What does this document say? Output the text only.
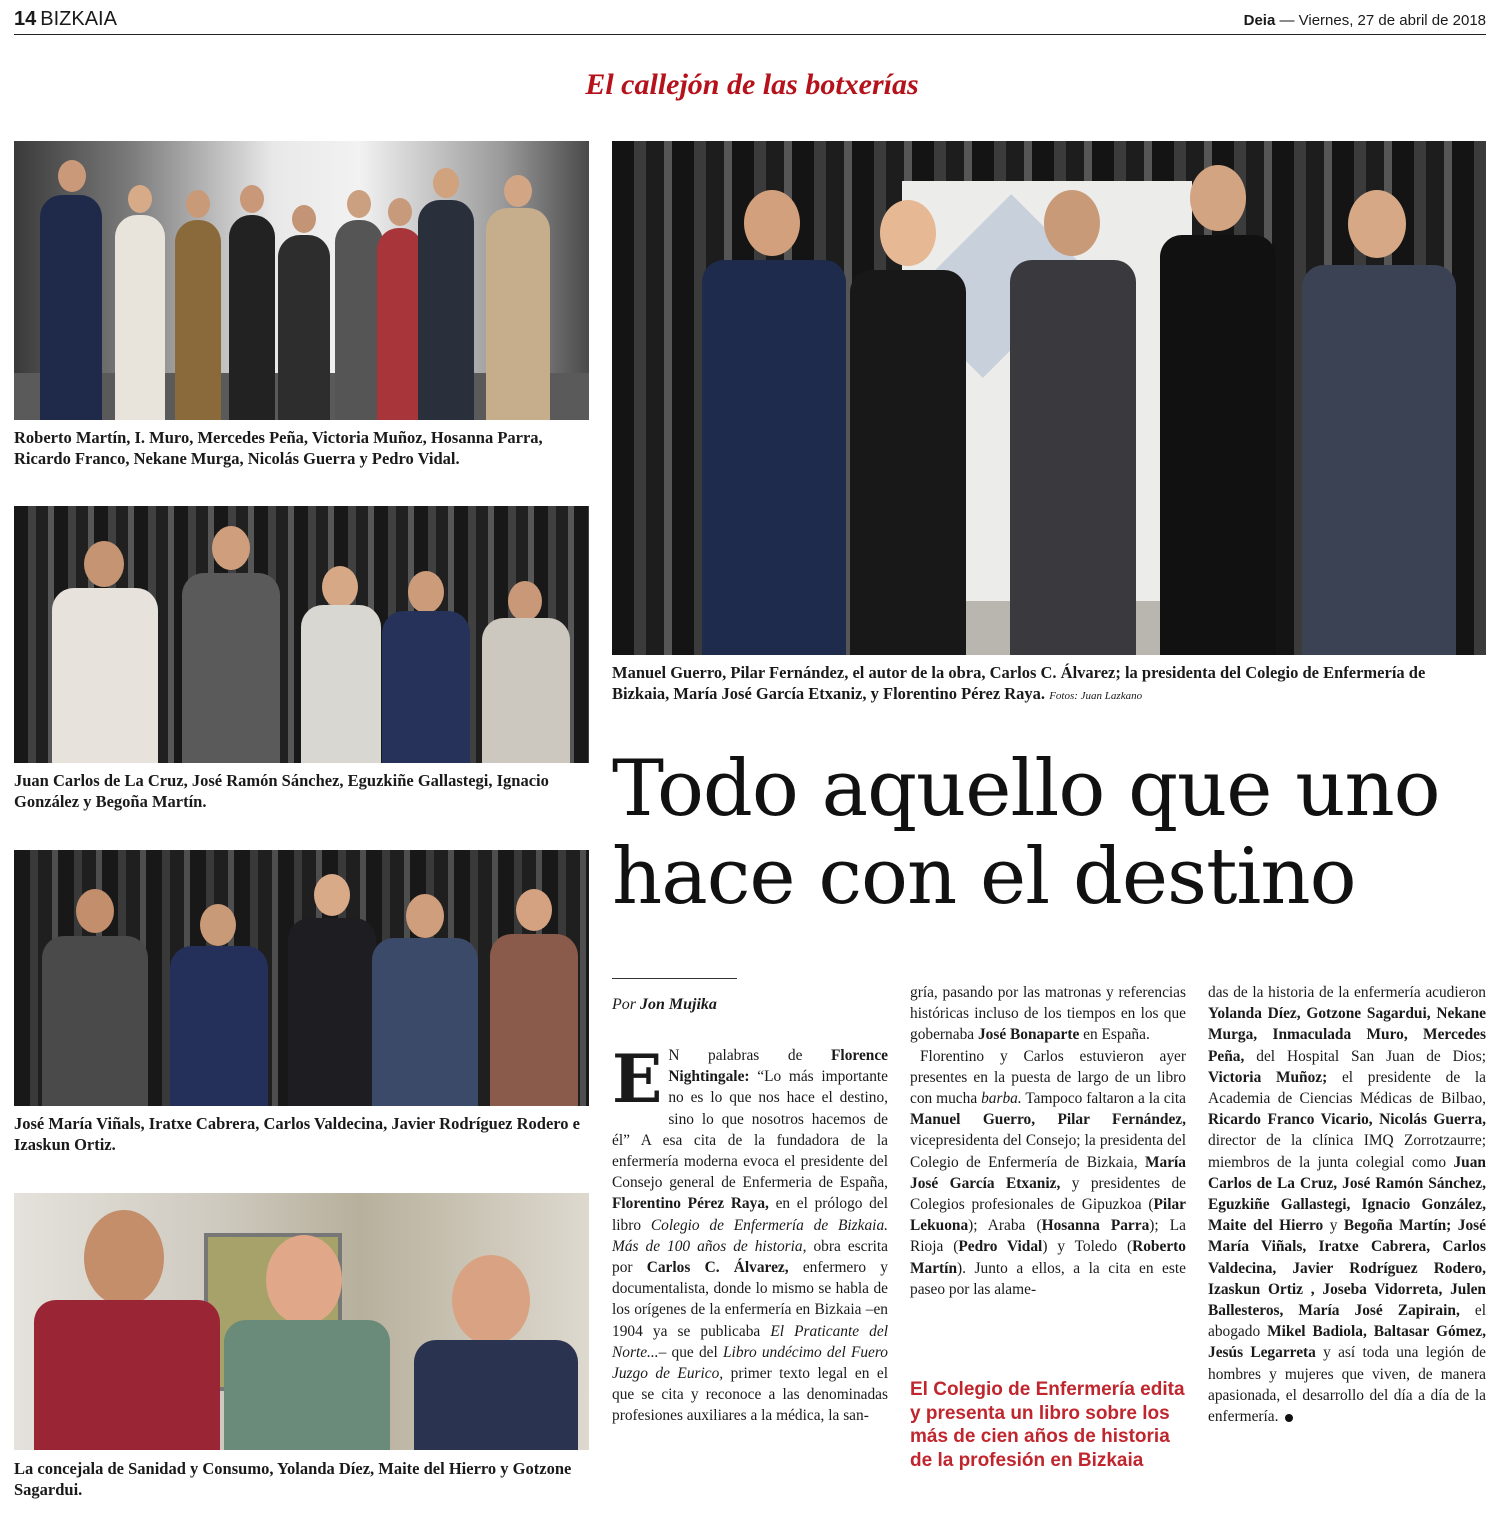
14 BIZKAIA	Deia — Viernes, 27 de abril de 2018
El callejón de las botxerías
Roberto Martín, I. Muro, Mercedes Peña, Victoria Muñoz, Hosanna Parra, Ricardo Franco, Nekane Murga, Nicolás Guerra y Pedro Vidal.
Juan Carlos de La Cruz, José Ramón Sánchez, Eguzkiñe Gallastegi, Ignacio González y Begoña Martín.
José María Viñals, Iratxe Cabrera, Carlos Valdecina, Javier Rodríguez Rodero e Izaskun Ortiz.
La concejala de Sanidad y Consumo, Yolanda Díez, Maite del Hierro y Gotzone Sagardui.
Manuel Guerro, Pilar Fernández, el autor de la obra, Carlos C. Álvarez; la presidenta del Colegio de Enfermería de Bizkaia, María José García Etxaniz, y Florentino Pérez Raya. Fotos: Juan Lazkano
Todo aquello que uno hace con el destino
Por Jon Mujika

E N palabras de Florence Nightingale: “Lo más importante no es lo que nos hace el destino, sino lo que nosotros hacemos de él” A esa cita de la fundadora de la enfermería moderna evoca el presidente del Consejo general de Enfermeria de España, Florentino Pérez Raya, en el prólogo del libro Colegio de Enfermería de Bizkaia. Más de 100 años de historia, obra escrita por Carlos C. Álvarez, enfermero y documentalista, donde lo mismo se habla de los orígenes de la enfermería en Bizkaia –en 1904 ya se publicaba El Praticante del Norte...– que del Libro undécimo del Fuero Juzgo de Eurico, primer texto legal en el que se cita y reconoce a las denominadas profesiones auxiliares a la médica, la san-

gría, pasando por las matronas y referencias históricas incluso de los tiempos en los que gobernaba José Bonaparte en España.

Florentino y Carlos estuvieron ayer presentes en la puesta de largo de un libro con mucha barba. Tampoco faltaron a la cita Manuel Guerro, Pilar Fernández, vicepresidenta del Consejo; la presidenta del Colegio de Enfermería de Bizkaia, María José García Etxaniz, y presidentes de Colegios profesionales de Gipuzkoa (Pilar Lekuona); Araba (Hosanna Parra); La Rioja (Pedro Vidal) y Toledo (Roberto Martín). Junto a ellos, a la cita en este paseo por las alame-

El Colegio de Enfermería edita y presenta un libro sobre los más de cien años de historia de la profesión en Bizkaia

das de la historia de la enfermería acudieron Yolanda Díez, Gotzone Sagardui, Nekane Murga, Inmaculada Muro, Mercedes Peña, del Hospital San Juan de Dios; Victoria Muñoz; el presidente de la Academia de Ciencias Médicas de Bilbao, Ricardo Franco Vicario, Nicolás Guerra, director de la clínica IMQ Zorrotzaurre; miembros de la junta colegial como Juan Carlos de La Cruz, José Ramón Sánchez, Eguzkiñe Gallastegi, Ignacio González, Maite del Hierro y Begoña Martín; José María Viñals, Iratxe Cabrera, Carlos Valdecina, Javier Rodríguez Rodero, Izaskun Ortiz , Joseba Vidorreta, Julen Ballesteros, María José Zapirain, el abogado Mikel Badiola, Baltasar Gómez, Jesús Legarreta y así toda una legión de hombres y mujeres que viven, de manera apasionada, el desarrollo del día a día de la enfermería.
